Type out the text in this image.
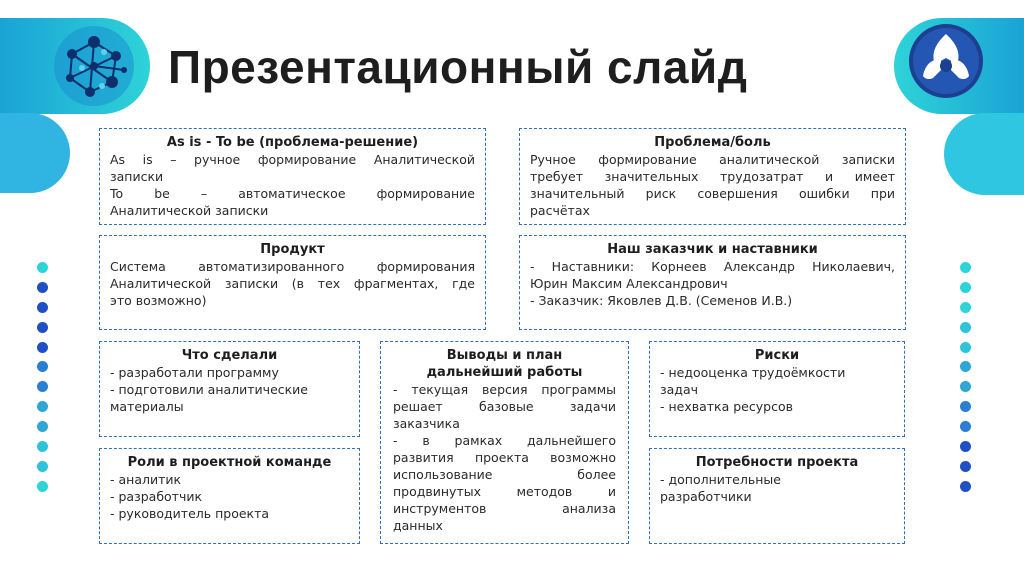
Презентационный слайд
As is - To be (проблема-решение)
As is – ручное формирование Аналитической
записки
To be – автоматическое формирование
Аналитической записки
Проблема/боль
Ручное формирование аналитической записки
требует значительных трудозатрат и имеет
значительный риск совершения ошибки при
расчётах
Продукт
Система автоматизированного формирования
Аналитической записки (в тех фрагментах, где
это возможно)
Наш заказчик и наставники
- Наставники: Корнеев Александр Николаевич,
Юрин Максим Александрович
- Заказчик: Яковлев Д.В. (Семенов И.В.)
Что сделали
- разработали программу
- подготовили аналитические
материалы
Роли в проектной команде
- аналитик
- разработчик
- руководитель проекта
Выводы и план
дальнейший работы
- текущая версия программы
решает базовые задачи
заказчика
- в рамках дальнейшего
развития проекта возможно
использование более
продвинутых методов и
инструментов анализа
данных
Риски
- недооценка трудоёмкости
задач
- нехватка ресурсов
Потребности проекта
- дополнительные
разработчики
